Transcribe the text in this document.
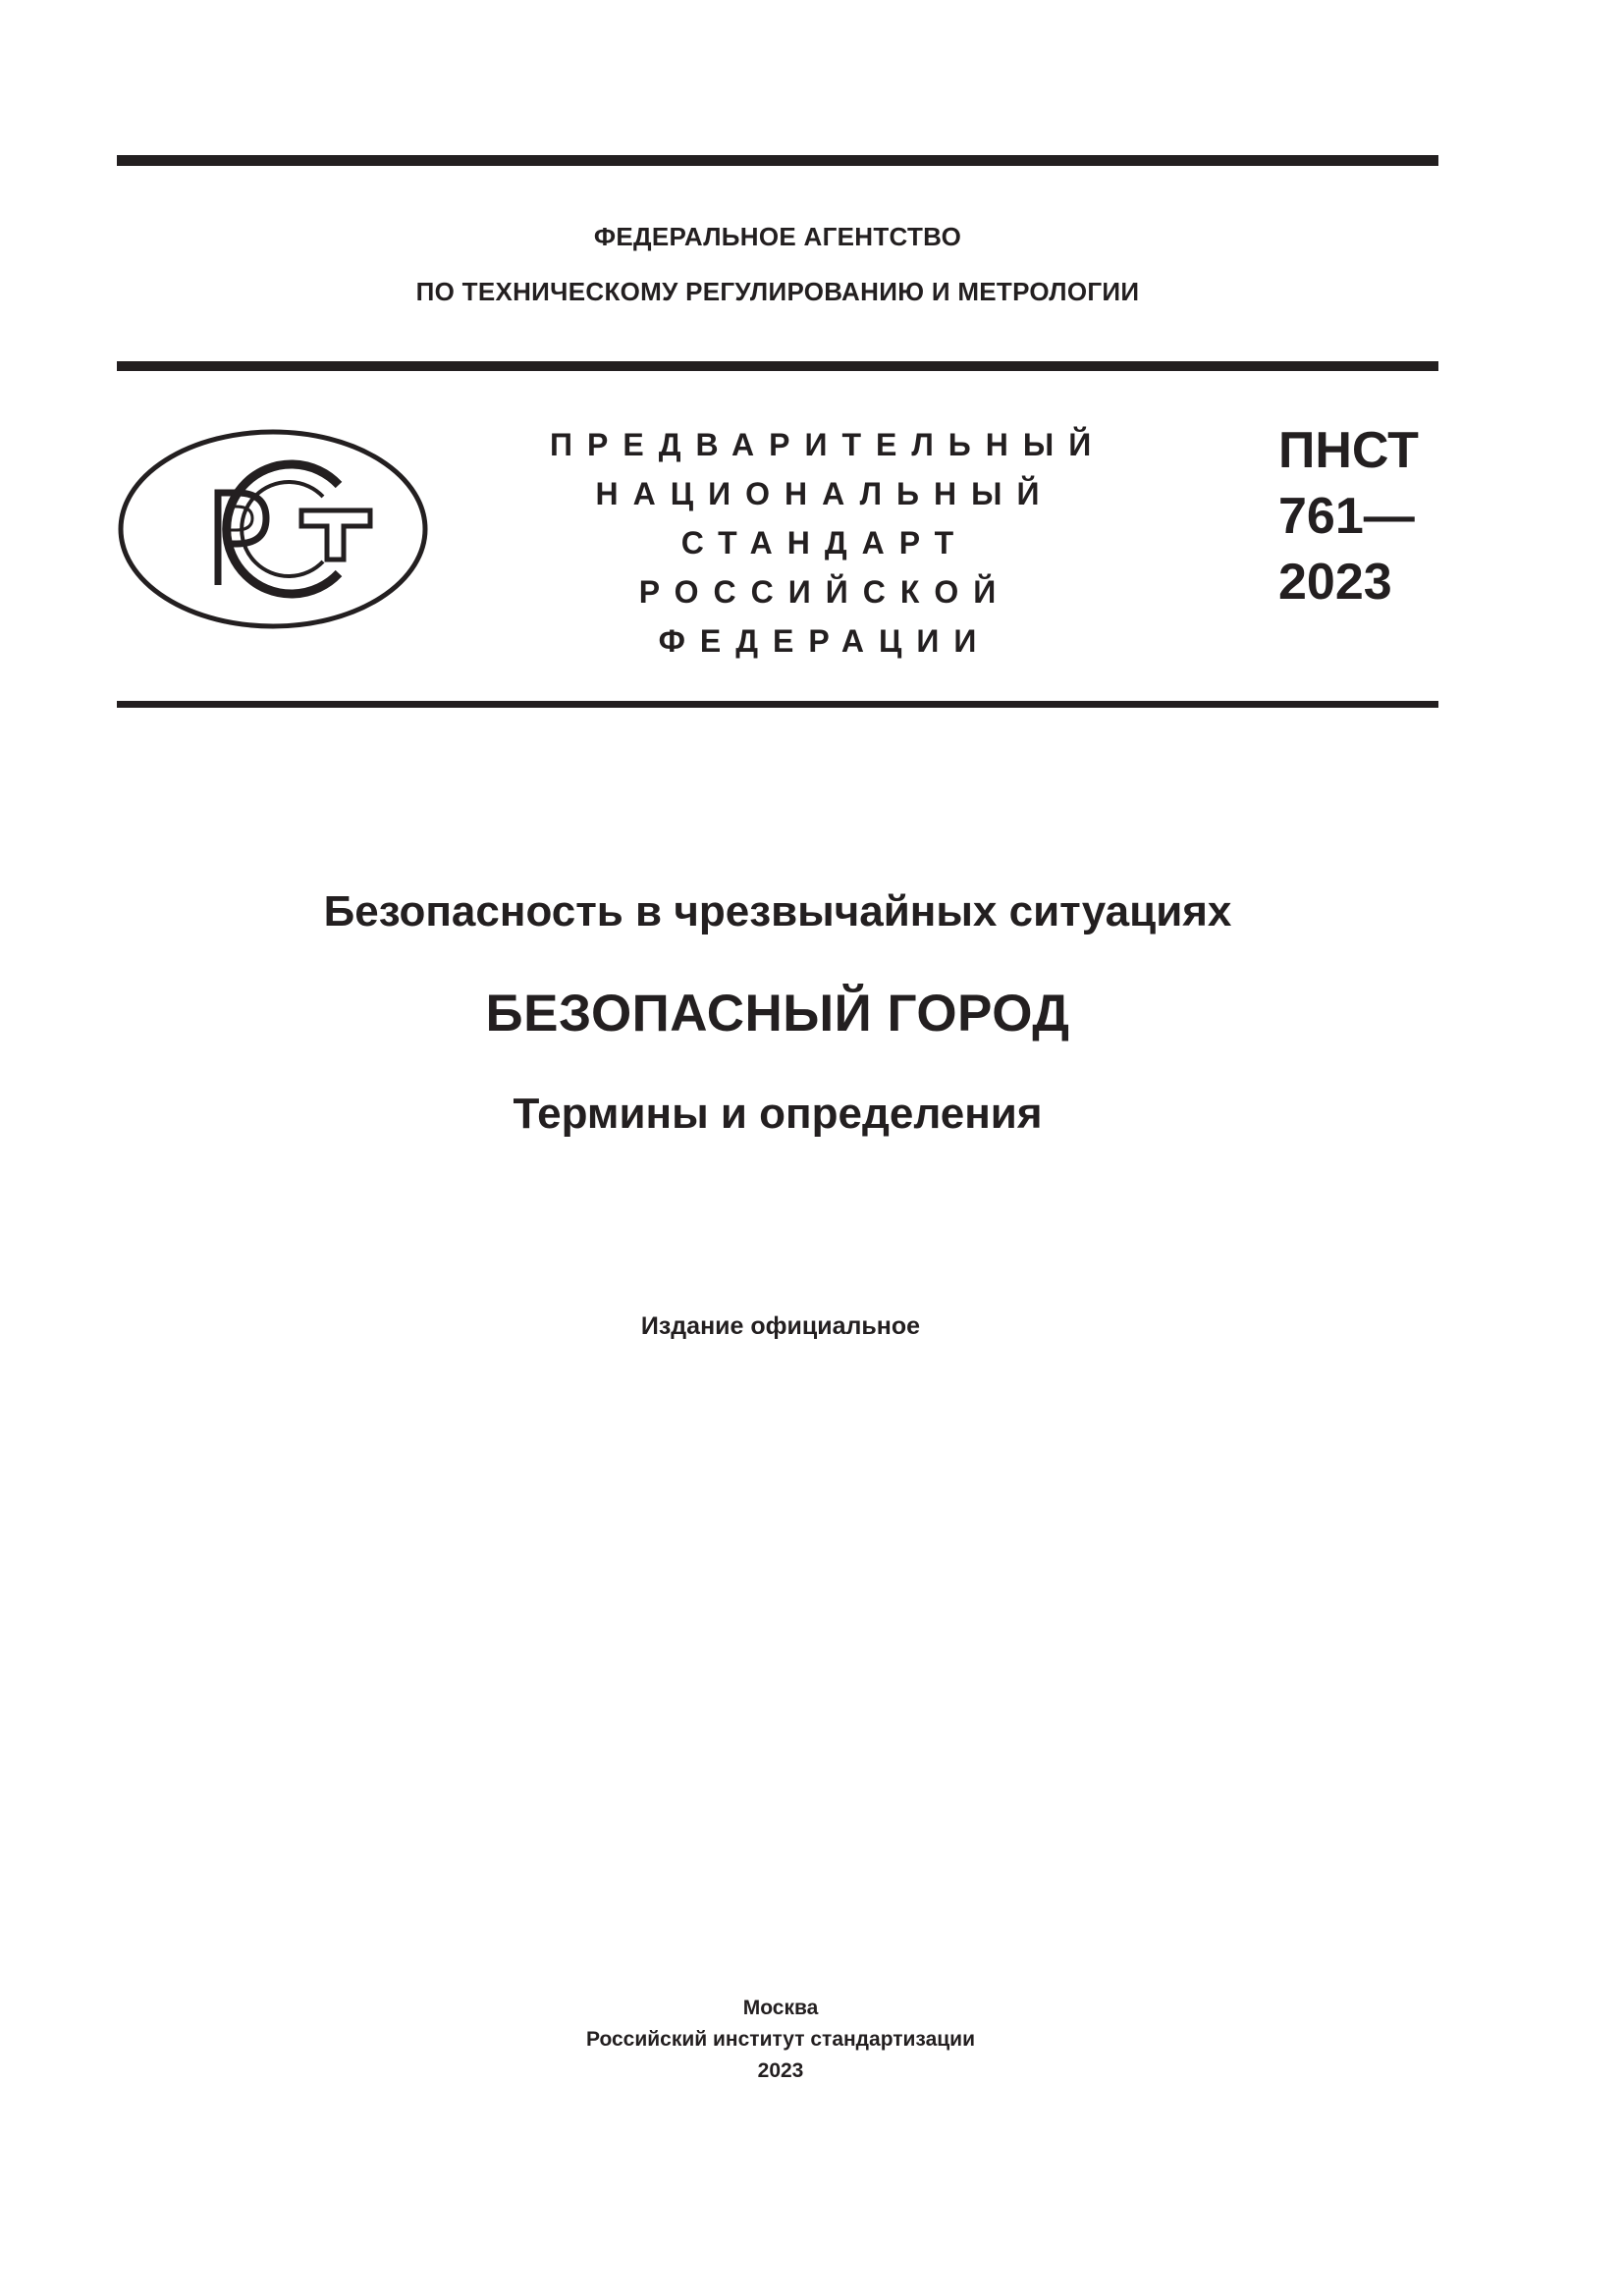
ФЕДЕРАЛЬНОЕ АГЕНТСТВО
ПО ТЕХНИЧЕСКОМУ РЕГУЛИРОВАНИЮ И МЕТРОЛОГИИ
ПРЕДВАРИТЕЛЬНЫЙ
НАЦИОНАЛЬНЫЙ
СТАНДАРТ
РОССИЙСКОЙ
ФЕДЕРАЦИИ
ПНСТ
761—
2023
Безопасность в чрезвычайных ситуациях
БЕЗОПАСНЫЙ ГОРОД
Термины и определения
Издание официальное
Москва
Российский институт стандартизации
2023
